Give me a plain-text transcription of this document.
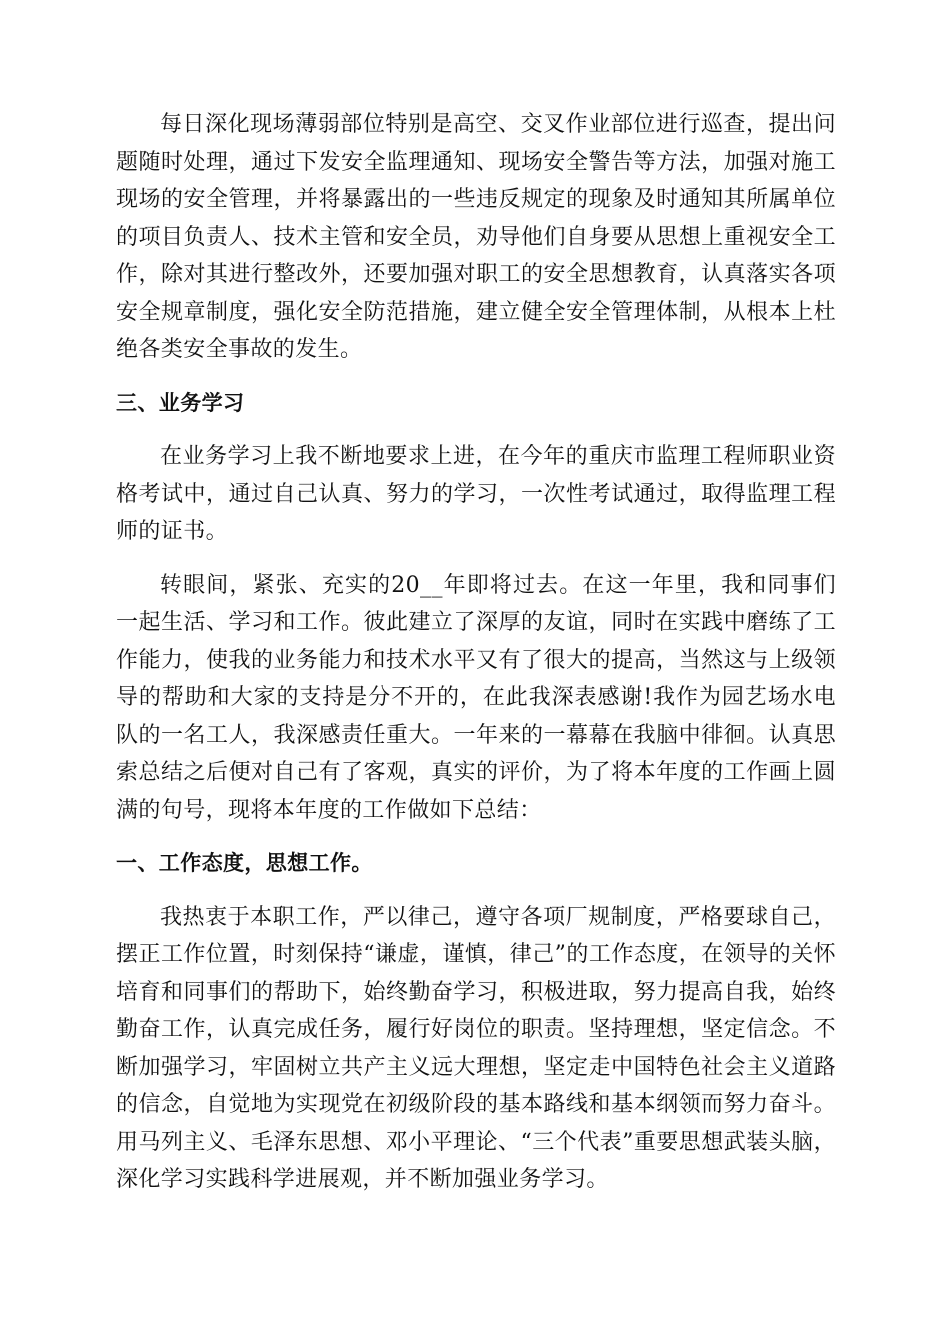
每日深化现场薄弱部位特别是高空、交叉作业部位进行巡查，提出问题随时处理，通过下发安全监理通知、现场安全警告等方法，加强对施工现场的安全管理，并将暴露出的一些违反规定的现象及时通知其所属单位的项目负责人、技术主管和安全员，劝导他们自身要从思想上重视安全工作，除对其进行整改外，还要加强对职工的安全思想教育，认真落实各项安全规章制度，强化安全防范措施，建立健全安全管理体制，从根本上杜绝各类安全事故的发生。

三、业务学习

在业务学习上我不断地要求上进，在今年的重庆市监理工程师职业资格考试中，通过自己认真、努力的学习，一次性考试通过，取得监理工程师的证书。

转眼间，紧张、充实的20__年即将过去。在这一年里，我和同事们一起生活、学习和工作。彼此建立了深厚的友谊，同时在实践中磨练了工作能力，使我的业务能力和技术水平又有了很大的提高，当然这与上级领导的帮助和大家的支持是分不开的，在此我深表感谢!我作为园艺场水电队的一名工人，我深感责任重大。一年来的一幕幕在我脑中徘徊。认真思索总结之后便对自己有了客观，真实的评价，为了将本年度的工作画上圆满的句号，现将本年度的工作做如下总结：

一、工作态度，思想工作。

我热衷于本职工作，严以律己，遵守各项厂规制度，严格要球自己，摆正工作位置，时刻保持“谦虚，谨慎，律己”的工作态度，在领导的关怀培育和同事们的帮助下，始终勤奋学习，积极进取，努力提高自我，始终勤奋工作，认真完成任务，履行好岗位的职责。坚持理想，坚定信念。不断加强学习，牢固树立共产主义远大理想，坚定走中国特色社会主义道路的信念，自觉地为实现党在初级阶段的基本路线和基本纲领而努力奋斗。用马列主义、毛泽东思想、邓小平理论、“三个代表”重要思想武装头脑，深化学习实践科学进展观，并不断加强业务学习。
